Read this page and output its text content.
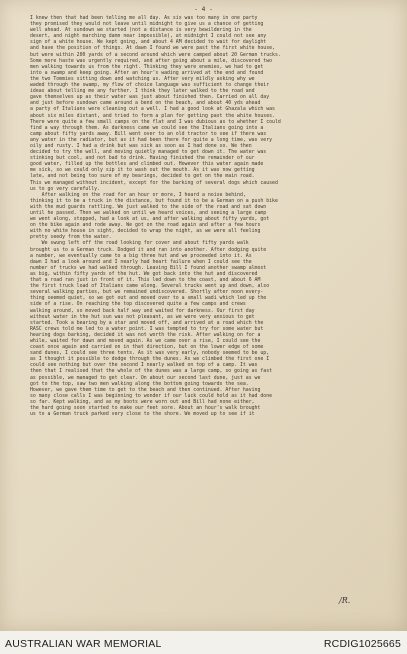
- 4 -
I knew then that had been telling me all day. As six was too many in one party
they promised they would not leave until midnight to give us a chance of getting
well ahead. At sundown we started (not a distance is very bewildering in the
desert, and night marching damn near impossible), at midnight I could not see any
sign of a white house. We kept going, and about 4 AM decided to wait for daylight
and have the position of things. At dawn I found we were past the first white house,
but were within 200 yards of a second around which were camped about 20 German trucks.
Some more haste was urgently required, and after going about a mile, discovered two
men walking towards us from the right. Thinking they were enemies, we had to get
into a swamp and keep going. After an hour's wading arrived at the end and found
the two Tommies sitting down and watching us. After very mildly asking why we
waded through the swamp, my flow of choice language was sufficient to change their
ideas about telling me any further. I think they later walked to the road and
gave themselves up as their water was just about finished then. Carried on all day
and just before sundown came around a bend on the beach, and about 40 yds ahead
a party of Italians were cleaning out a well. I had a good look at Ghazala which was
about six miles distant, and tried to form a plan for getting past the white houses.
There were quite a few small camps on the flat and I was dubious as to whether I could
find a way through them. As darkness came we could see the Italians going into a
camp about fifty yards away. Bill went over to an old tractor to see if there was
any water in the radiator, but as it had been there for quite a long time, was very
oily and rusty. I had a drink but was sick as soon as I had done so. We then
decided to try the well, and moving quietly managed to get down it. The water was
stinking but cool, and not bad to drink. Having finished the remainder of our
good water, filled up the bottles and climbed out. However this water again made
me sick, so we could only sip it to wash out the mouth. As it was now getting
late, and not being too sure of my bearings, decided to get on the main road.
This we managed without incident, except for the barking of several dogs which caused
us to go very carefully.
After walking on the road for an hour or more, I heard a noise behind,
thinking it to be a truck in the distance, but found it to be a German on a push bike
with the mud guards rattling. We just walked to the side of the road and sat down
until he passed. Then we walked on until we heard voices, and seeing a large camp
we went along, stopped, had a look at us, and after walking about fifty yards, got
on the bike again and rode away. We got on the road again and after a few hours
with no white house in sight, decided to wrap the night, as we were all feeling
pretty seedy from the water.
We swung left off the road looking for cover and about fifty yards walk
brought us to a German truck. Dodged it and ran into another. After dodging quite
a number, we eventually came to a big three hut and we proceeded into it. As
dawn I had a look around and I nearly had heart failure when I could see the
number of trucks we had walked through. Leaving Bill I found another swamp almost
as big, within fifty yards of the hut. We got back into the hut and discovered
that a road ran just in front of it. This led down to the coast, and about 6 AM
the first truck load of Italians came along. Several trucks went up and down, also
several walking parties, but we remained undiscovered. Shortly after noon every-
thing seemed quiet, so we got out and moved over to a small wadi which led up the
side of a rise. On reaching the top discovered quite a few camps and crews
walking around, so moved back half way and waited for darkness. Our first day
without water in the hut sun was not pleasant, as we were very anxious to get
started. Took a bearing by a star and moved off, and arrived at a road which the
RASC crews told me led to a water point. I was tempted to try for some water but
hearing dogs barking, decided it was not worth the risk. After walking on for a
while, waited for dawn and moved again. As we came over a rise, I could see the
coast once again and carried on in that direction, but on the lower edge of some
sand dunes, I could see three tents. As it was very early, nobody seemed to be up,
as I thought it possible to dodge through the dunes. As we climbed the first one I
could see nothing but over the second I nearly walked on top of a camp. It was
then that I realised that the whole of the dunes was a large camp, so going as fast
as possible, we managed to get clear. On about our second last dune, just as we
got to the top, saw two men walking along the bottom going towards the sea.
However, we gave them time to get to the beach and then continued. After having
so many close calls I was beginning to wonder if our luck could hold as it had done
so far. Kept walking, and as my boots were worn out and Bill had none either,
the hard going soon started to make our feet sore. About an hour's walk brought
us to a German truck parked very close to the shore. We moved up to see if it

/R.
AUSTRALIAN WAR MEMORIAL	RCDIG1025665
